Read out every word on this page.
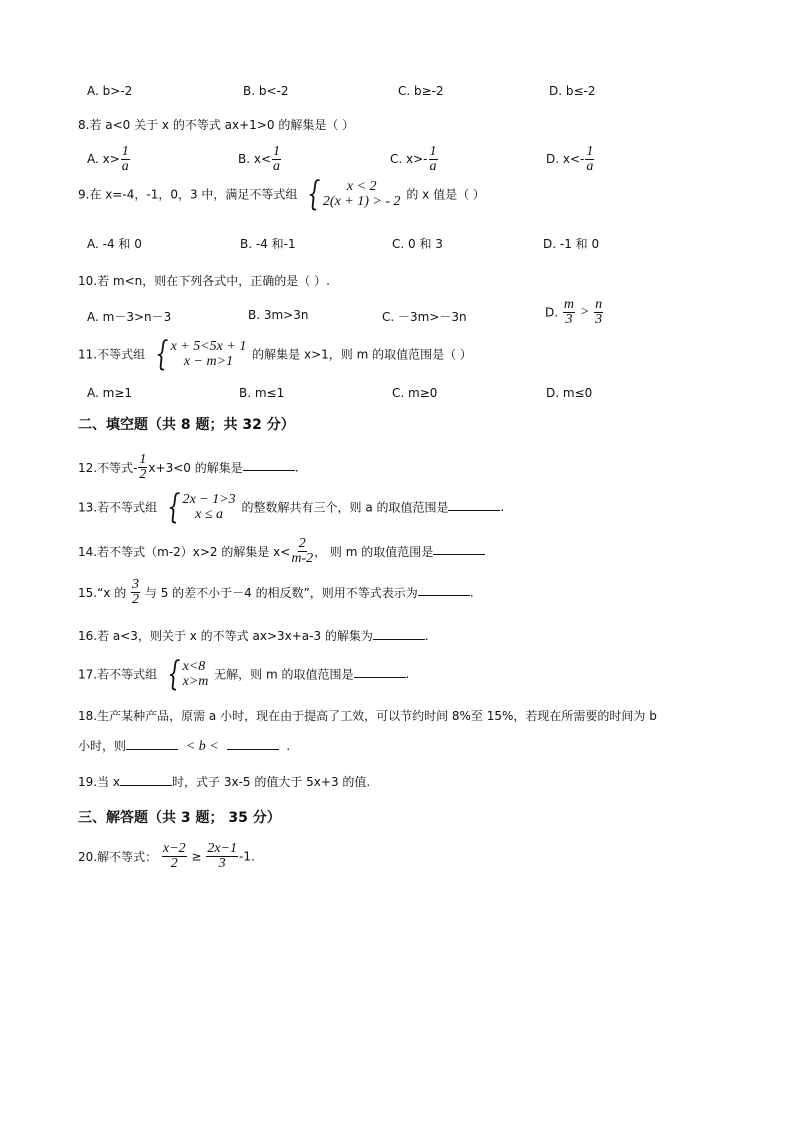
A. b>-2	B. b<-2	C. b≥-2	D. b≤-2
8.若 a<0 关于 x 的不等式 ax+1>0 的解集是（ ）
A. $x> \frac{1}{a}$	B. $x< \frac{1}{a}$	C. $x>- \frac{1}{a}$	D. $x<- \frac{1}{a}$
9.在 x=-4，-1，0，3 中，满足不等式组 { x < 2
2(x + 1) > - 2 的 x 值是（ ）
A. -4 和 0	B. -4 和-1	C. 0 和 3	D. -1 和 0
10.若 m<n，则在下列各式中，正确的是（ ）.
A. m－3>n－3	B. 3m>3n	C. －3m>－3n	D. $\frac{m}{3} > \frac{n}{3}$
11.不等式组 { x + 5<5x + 1
x − m>1 的解集是 x>1，则 m 的取值范围是（ ）
A. m≥1	B. m≤1	C. m≥0	D. m≤0
二、填空题（共 8 题；共 32 分）
12.不等式- $\frac{1}{2} x+3<0$ 的解集是	.
13.若不等式组 { 2x − 1>3
x ≤ a 的整数解共有三个，则 a 的取值范围是	.
14.若不等式（m-2）x>2 的解集是 $x< \frac{2}{m-2}$ ， 则 m 的取值范围是
15.“x 的 $\frac{3}{2}$ 与 5 的差不小于－4 的相反数”，则用不等式表示为	.
16.若 a<3，则关于 x 的不等式 ax>3x+a-3 的解集为	.
17.若不等式组 { x<8
x>m 无解，则 m 的取值范围是	.
18.生产某种产品，原需 a 小时，现在由于提高了工效，可以节约时间 8%至 15%，若现在所需要的时间为 b
小时，则	< b <	.
19.当 x	时，式子 3x-5 的值大于 5x+3 的值.
三、解答题（共 3 题； 35 分）
20.解不等式： $\frac{x-2}{2} \ge \frac{2x-1}{3} -1$.
